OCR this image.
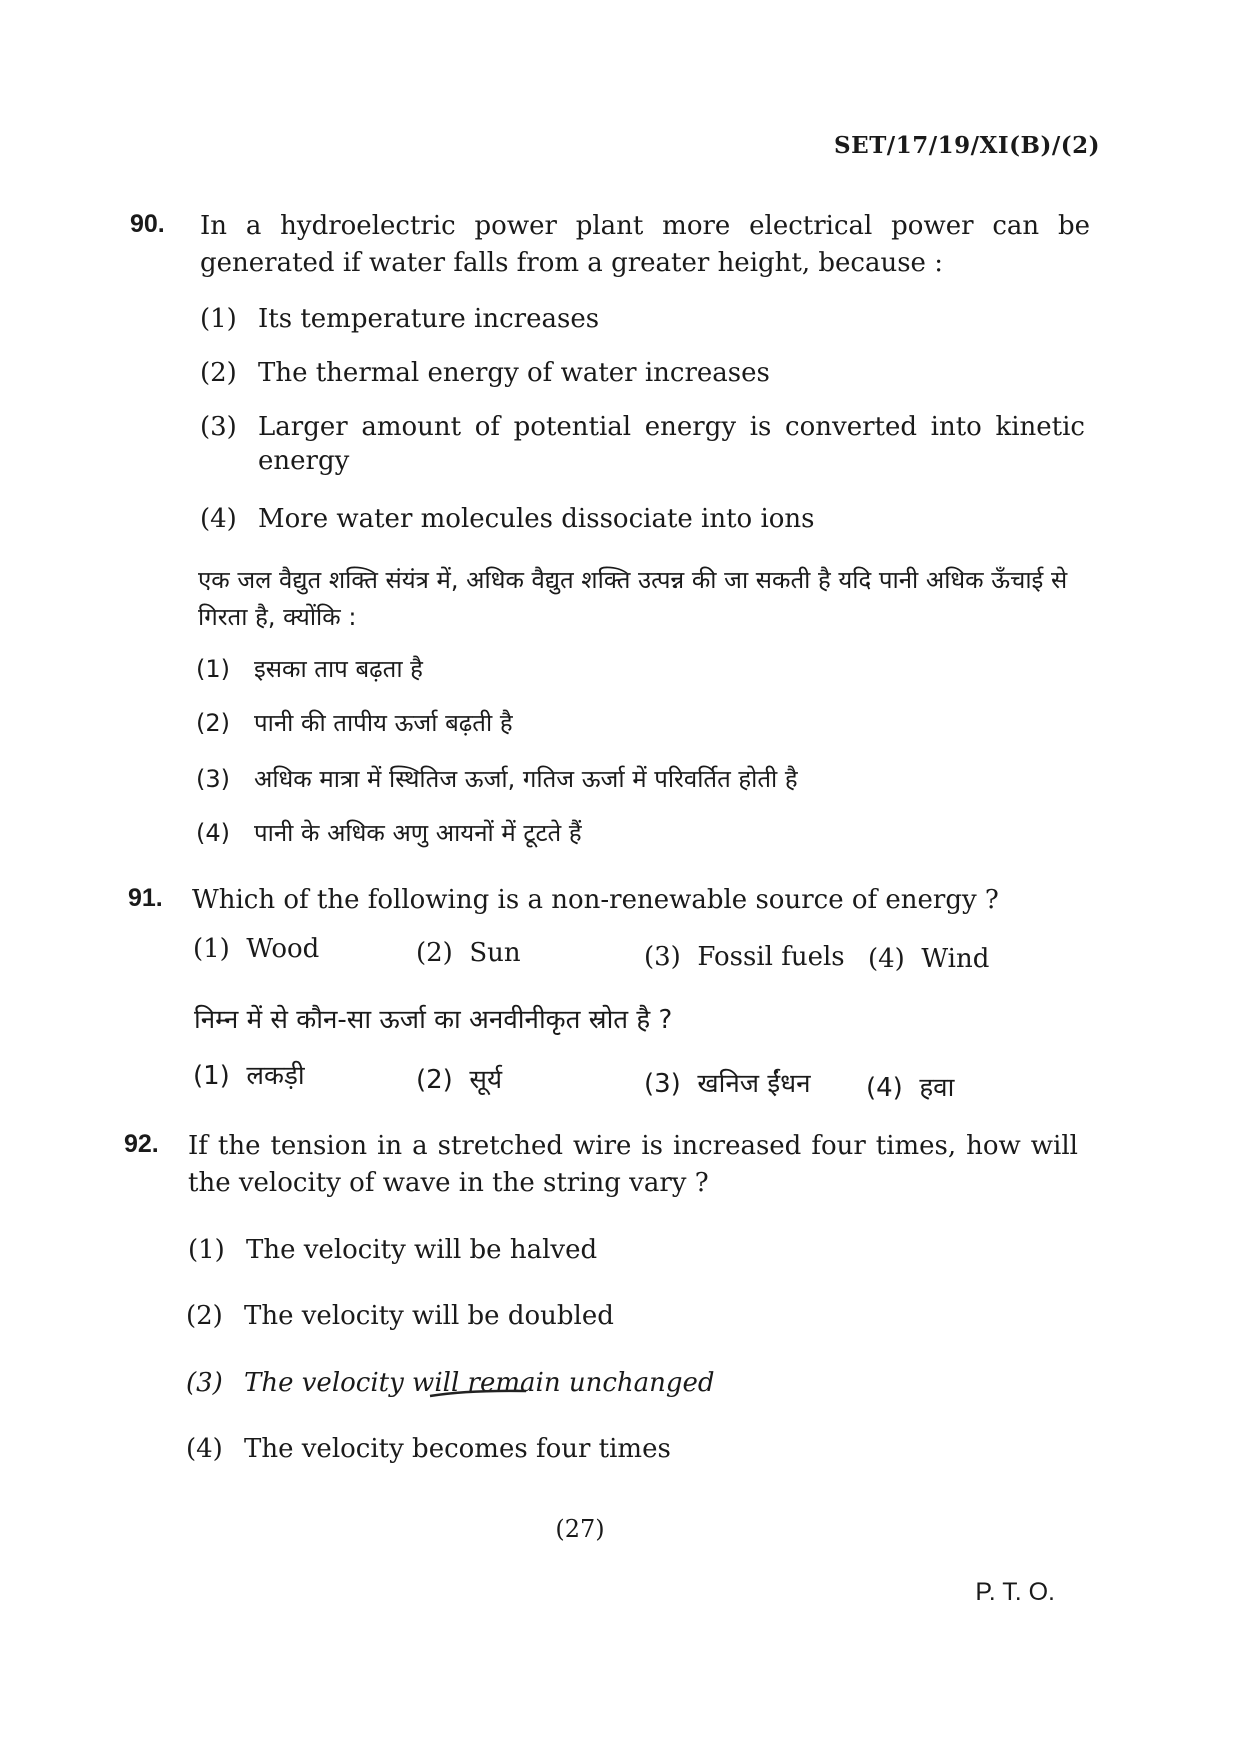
SET/17/19/XI(B)/(2)
90. In a hydroelectric power plant more electrical power can be generated if water falls from a greater height, because :
(1) Its temperature increases
(2) The thermal energy of water increases
(3) Larger amount of potential energy is converted into kinetic energy
(4) More water molecules dissociate into ions
एक जल वैद्युत शक्ति संयंत्र में, अधिक वैद्युत शक्ति उत्पन्न की जा सकती है यदि पानी अधिक ऊँचाई से गिरता है, क्योंकि :
(1) इसका ताप बढ़ता है
(2) पानी की तापीय ऊर्जा बढ़ती है
(3) अधिक मात्रा में स्थितिज ऊर्जा, गतिज ऊर्जा में परिवर्तित होती है
(4) पानी के अधिक अणु आयनों में टूटते हैं
91. Which of the following is a non-renewable source of energy ?
(1) Wood	(2) Sun	(3) Fossil fuels (4) Wind
निम्न में से कौन-सा ऊर्जा का अनवीनीकृत स्रोत है ?
(1) लकड़ी	(2) सूर्य	(3) खनिज ईंधन (4) हवा
92. If the tension in a stretched wire is increased four times, how will the velocity of wave in the string vary ?
(1) The velocity will be halved
(2) The velocity will be doubled
(3) The velocity will remain unchanged
(4) The velocity becomes four times
(27)
P. T. O.
